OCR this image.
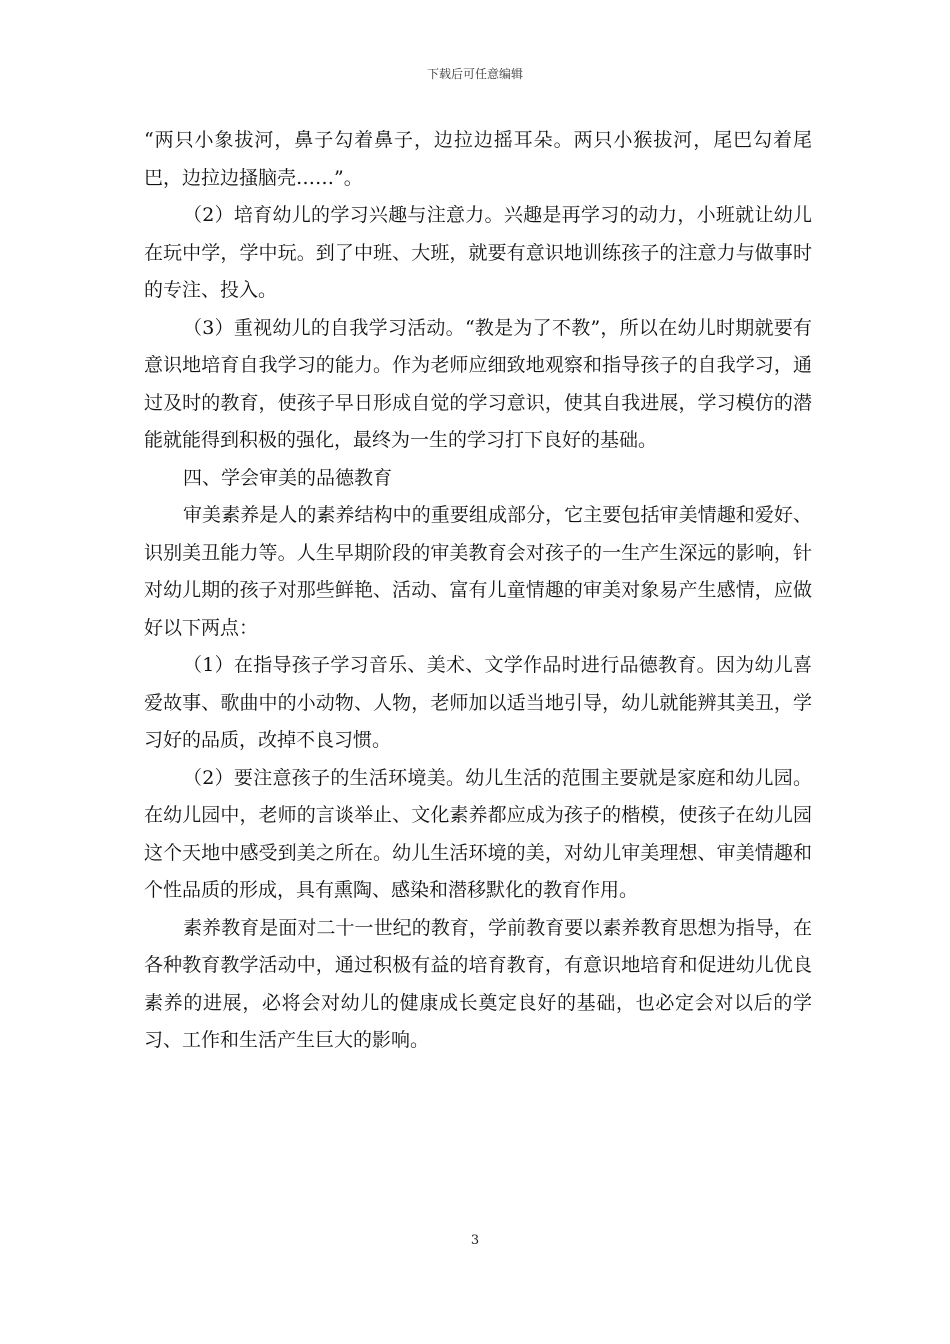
下载后可任意编辑

“两只小象拔河，鼻子勾着鼻子，边拉边摇耳朵。两只小猴拔河，尾巴勾着尾巴，边拉边搔脑壳……”。

（2）培育幼儿的学习兴趣与注意力。兴趣是再学习的动力，小班就让幼儿在玩中学，学中玩。到了中班、大班，就要有意识地训练孩子的注意力与做事时的专注、投入。

（3）重视幼儿的自我学习活动。“教是为了不教”，所以在幼儿时期就要有意识地培育自我学习的能力。作为老师应细致地观察和指导孩子的自我学习，通过及时的教育，使孩子早日形成自觉的学习意识，使其自我进展，学习模仿的潜能就能得到积极的强化，最终为一生的学习打下良好的基础。

四、学会审美的品德教育

审美素养是人的素养结构中的重要组成部分，它主要包括审美情趣和爱好、识别美丑能力等。人生早期阶段的审美教育会对孩子的一生产生深远的影响，针对幼儿期的孩子对那些鲜艳、活动、富有儿童情趣的审美对象易产生感情，应做好以下两点：

（1）在指导孩子学习音乐、美术、文学作品时进行品德教育。因为幼儿喜爱故事、歌曲中的小动物、人物，老师加以适当地引导，幼儿就能辨其美丑，学习好的品质，改掉不良习惯。

（2）要注意孩子的生活环境美。幼儿生活的范围主要就是家庭和幼儿园。在幼儿园中，老师的言谈举止、文化素养都应成为孩子的楷模，使孩子在幼儿园这个天地中感受到美之所在。幼儿生活环境的美，对幼儿审美理想、审美情趣和个性品质的形成，具有熏陶、感染和潜移默化的教育作用。

素养教育是面对二十一世纪的教育，学前教育要以素养教育思想为指导，在各种教育教学活动中，通过积极有益的培育教育，有意识地培育和促进幼儿优良素养的进展，必将会对幼儿的健康成长奠定良好的基础，也必定会对以后的学习、工作和生活产生巨大的影响。

3
